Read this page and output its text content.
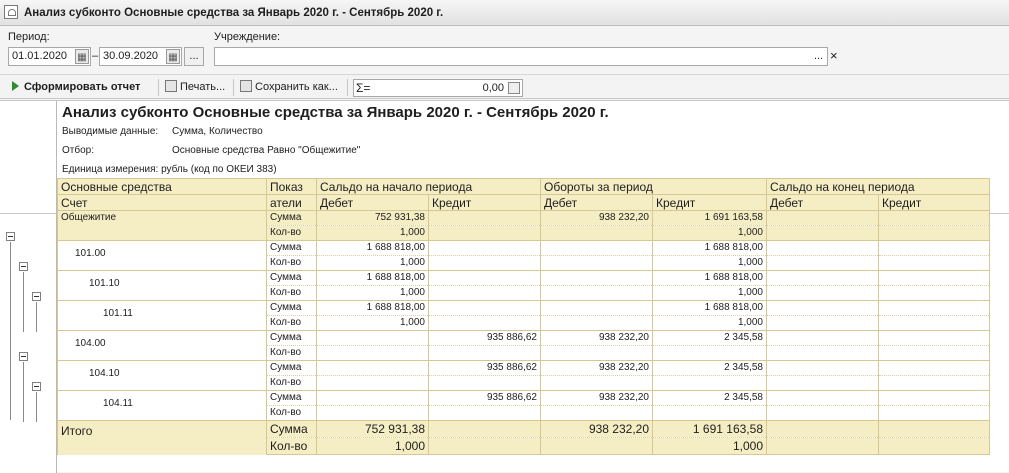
Анализ субконто Основные средства за Январь 2020 г. - Сентябрь 2020 г.
Период:
01.01.2020	▦ – 30.09.2020	▦	...
Учреждение:
... ×
Сформировать отчет	Печать...	Сохранить как... Σ=	0,00
Анализ субконто Основные средства за Январь 2020 г. - Сентябрь 2020 г.
Выводимые данные: Сумма, Количество
Отбор:	Основные средства Равно "Общежитие"
Единица измерения: рубль (код по ОКЕИ 383)
Основные средства	Показ	Сальдо на начало периода		Обороты за период		Сальдо на конец периода	
Счет	атели	Дебет	Кредит	Дебет	Кредит	Дебет	Кредит
Общежитие	Сумма	752 931,38		938 232,20	1 691 163,58		
	Кол-во	1,000			1,000		
101.00	Сумма	1 688 818,00			1 688 818,00		
	Кол-во	1,000			1,000		
101.10	Сумма	1 688 818,00			1 688 818,00		
	Кол-во	1,000			1,000		
101.11	Сумма	1 688 818,00			1 688 818,00		
	Кол-во	1,000			1,000		
104.00	Сумма		935 886,62	938 232,20	2 345,58		
	Кол-во						
104.10	Сумма		935 886,62	938 232,20	2 345,58		
	Кол-во						
104.11	Сумма		935 886,62	938 232,20	2 345,58		
	Кол-во						
Итого	Сумма	752 931,38		938 232,20	1 691 163,58		
	Кол-во	1,000			1,000		
